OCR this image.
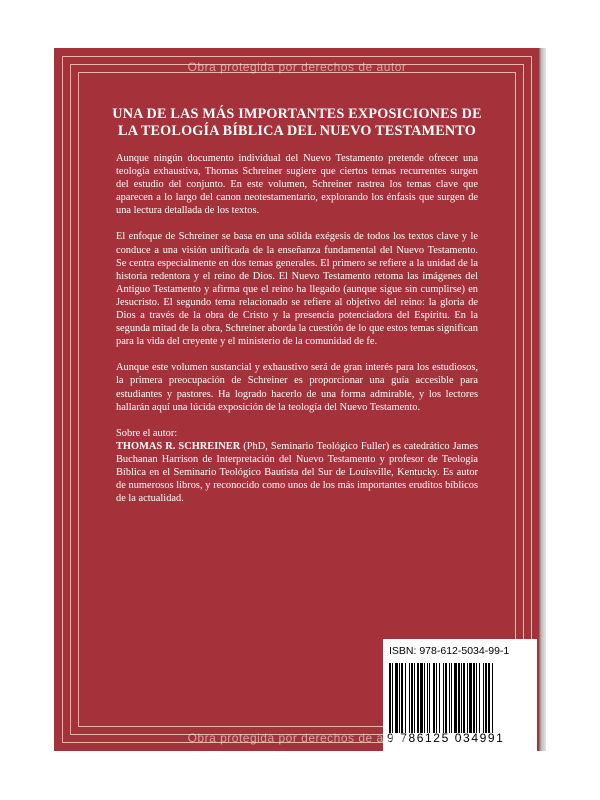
Obra protegida por derechos de autor
UNA DE LAS MÁS IMPORTANTES EXPOSICIONES DE
LA TEOLOGÍA BÍBLICA DEL NUEVO TESTAMENTO

Aunque ningún documento individual del Nuevo Testamento pretende ofrecer una teología exhaustiva, Thomas Schreiner sugiere que ciertos temas recurrentes surgen del estudio del conjunto. En este volumen, Schreiner rastrea los temas clave que aparecen a lo largo del canon neotestamentario, explorando los énfasis que surgen de una lectura detallada de los textos.

El enfoque de Schreiner se basa en una sólida exégesis de todos los textos clave y le conduce a una visión unificada de la enseñanza fundamental del Nuevo Testamento. Se centra especialmente en dos temas generales. El primero se refiere a la unidad de la historia redentora y el reino de Dios. El Nuevo Testamento retoma las imágenes del Antiguo Testamento y afirma que el reino ha llegado (aunque sigue sin cumplirse) en Jesucristo. El segundo tema relacionado se refiere al objetivo del reino: la gloria de Dios a través de la obra de Cristo y la presencia potenciadora del Espíritu. En la segunda mitad de la obra, Schreiner aborda la cuestión de lo que estos temas significan para la vida del creyente y el ministerio de la comunidad de fe.

Aunque este volumen sustancial y exhaustivo será de gran interés para los estudiosos, la primera preocupación de Schreiner es proporcionar una guía accesible para estudiantes y pastores. Ha logrado hacerlo de una forma admirable, y los lectores hallarán aquí una lúcida exposición de la teología del Nuevo Testamento.

Sobre el autor:
THOMAS R. SCHREINER (PhD, Seminario Teológico Fuller) es catedrático James Buchanan Harrison de Interpretación del Nuevo Testamento y profesor de Teología Bíblica en el Seminario Teológico Bautista del Sur de Louisville, Kentucky. Es autor de numerosos libros, y reconocido como unos de los más importantes eruditos bíblicos de la actualidad.
ISBN: 978-612-5034-99-1
9 786125 034991
Obra protegida por derechos de autor
